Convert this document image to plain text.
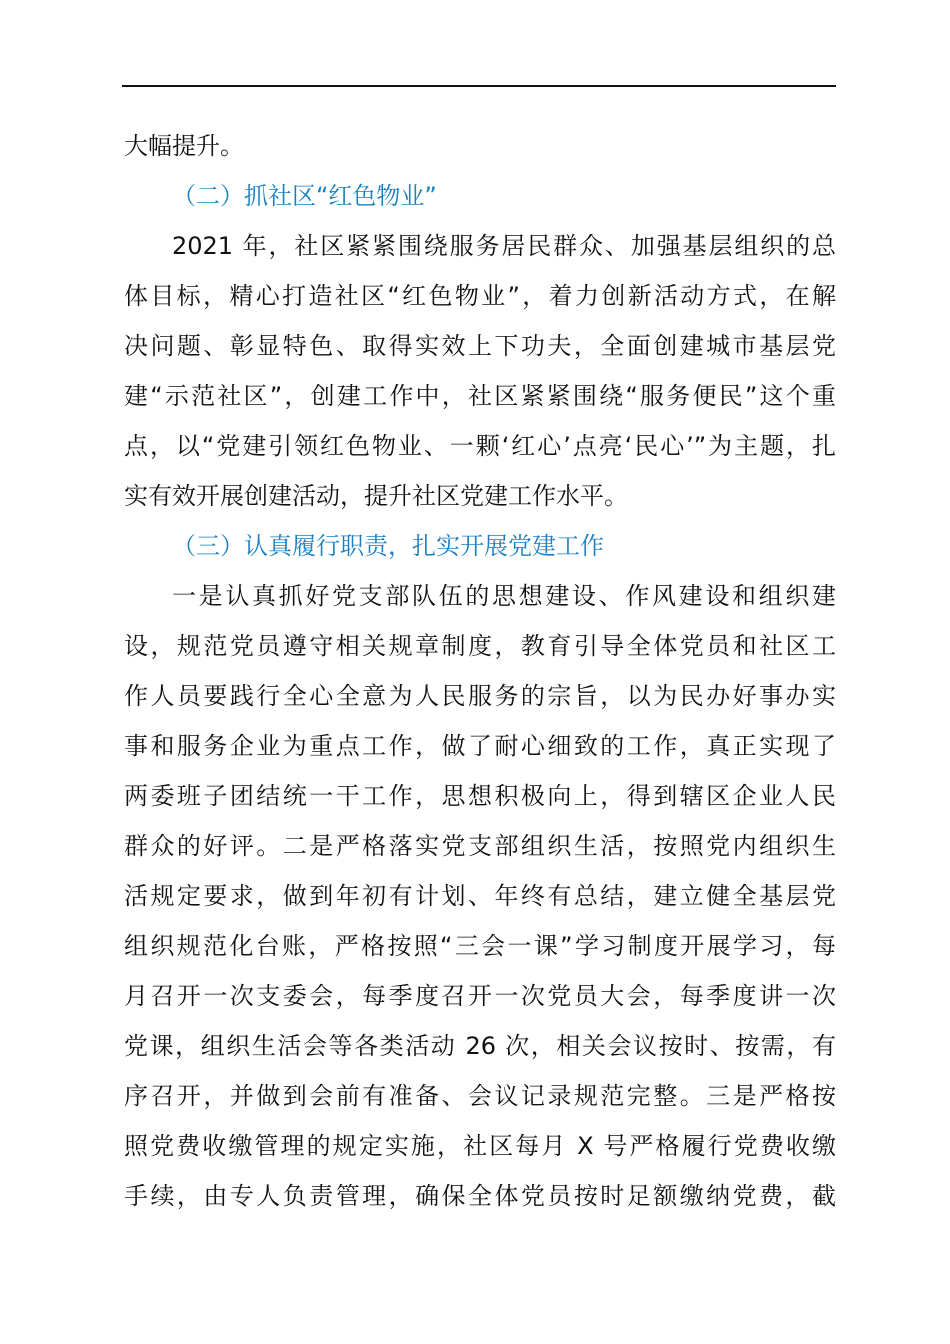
大幅提升。
（二）抓社区“红色物业”
2021 年，社区紧紧围绕服务居民群众、加强基层组织的总
体目标，精心打造社区“红色物业”，着力创新活动方式，在解
决问题、彰显特色、取得实效上下功夫，全面创建城市基层党
建“示范社区”，创建工作中，社区紧紧围绕“服务便民”这个重
点，以“党建引领红色物业、一颗‘红心’点亮‘民心’”为主题，扎
实有效开展创建活动，提升社区党建工作水平。
（三）认真履行职责，扎实开展党建工作
一是认真抓好党支部队伍的思想建设、作风建设和组织建
设，规范党员遵守相关规章制度，教育引导全体党员和社区工
作人员要践行全心全意为人民服务的宗旨，以为民办好事办实
事和服务企业为重点工作，做了耐心细致的工作，真正实现了
两委班子团结统一干工作，思想积极向上，得到辖区企业人民
群众的好评。二是严格落实党支部组织生活，按照党内组织生
活规定要求，做到年初有计划、年终有总结，建立健全基层党
组织规范化台账，严格按照“三会一课”学习制度开展学习，每
月召开一次支委会，每季度召开一次党员大会，每季度讲一次
党课，组织生活会等各类活动 26 次，相关会议按时、按需，有
序召开，并做到会前有准备、会议记录规范完整。三是严格按
照党费收缴管理的规定实施，社区每月 X 号严格履行党费收缴
手续，由专人负责管理，确保全体党员按时足额缴纳党费，截
